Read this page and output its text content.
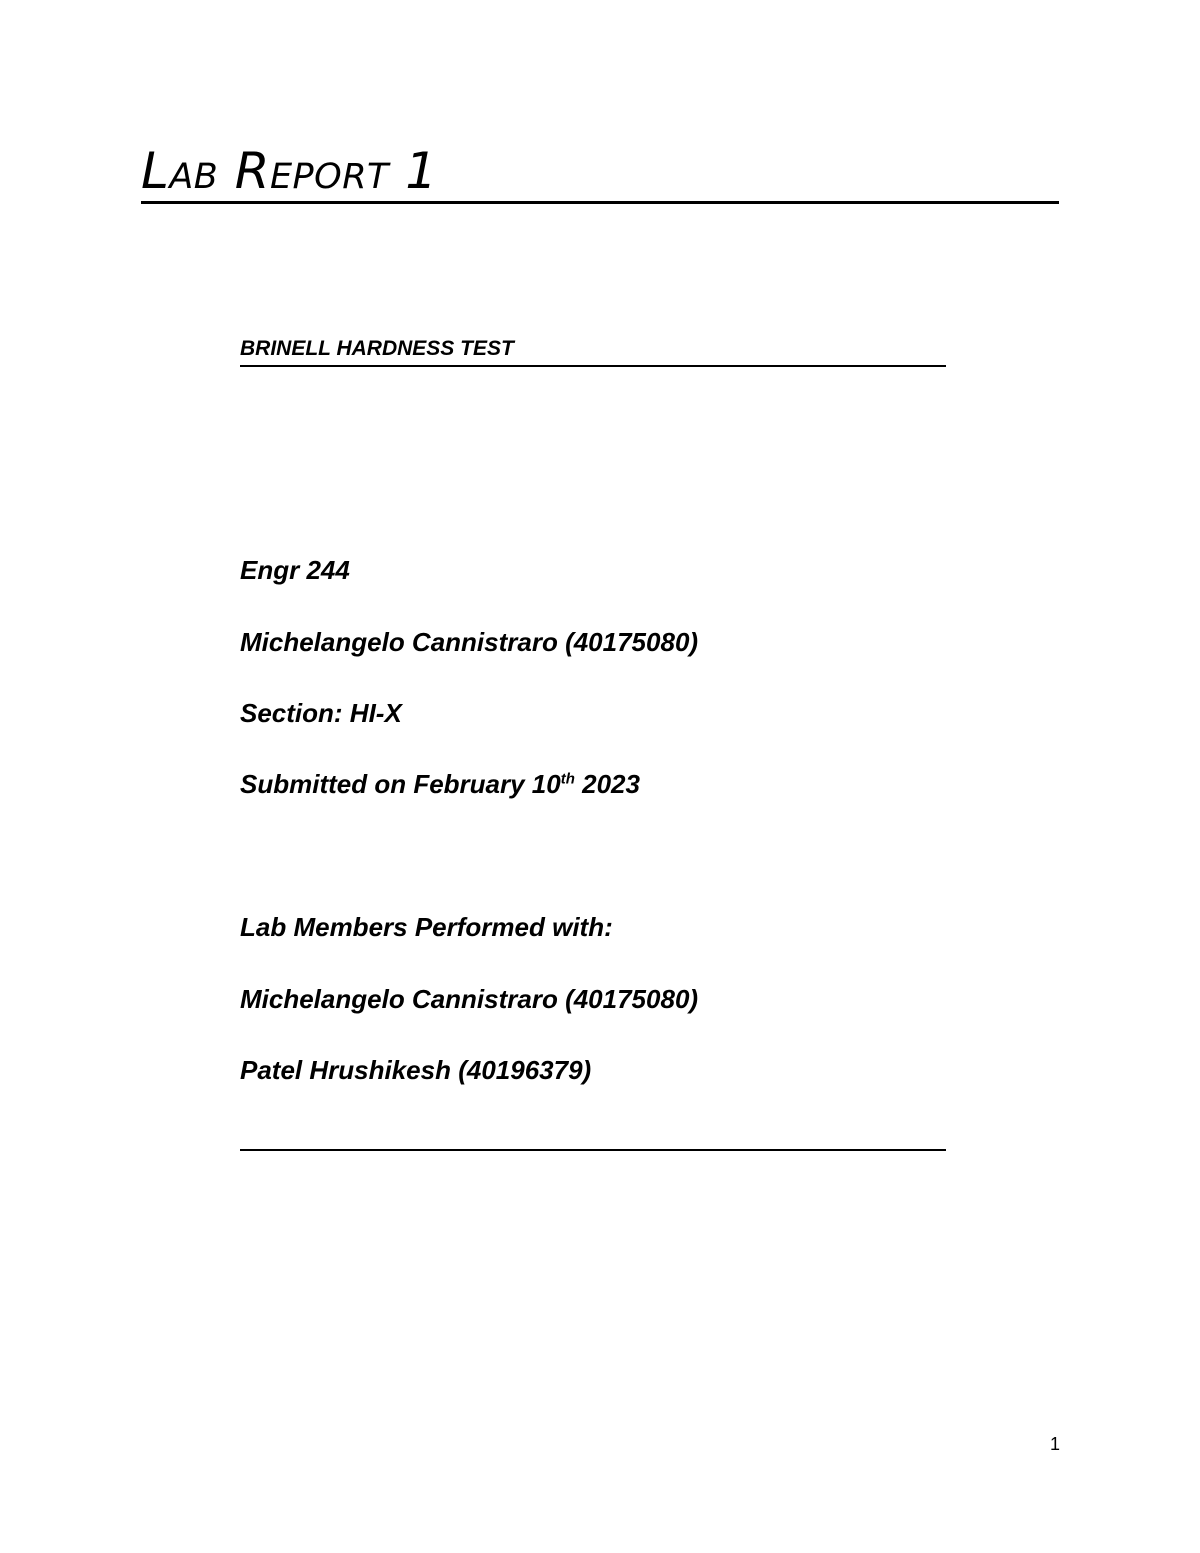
Lab Report 1
BRINELL HARDNESS TEST
Engr 244
Michelangelo Cannistraro (40175080)
Section: HI-X
Submitted on February 10th 2023
Lab Members Performed with:
Michelangelo Cannistraro (40175080)
Patel Hrushikesh (40196379)
1
